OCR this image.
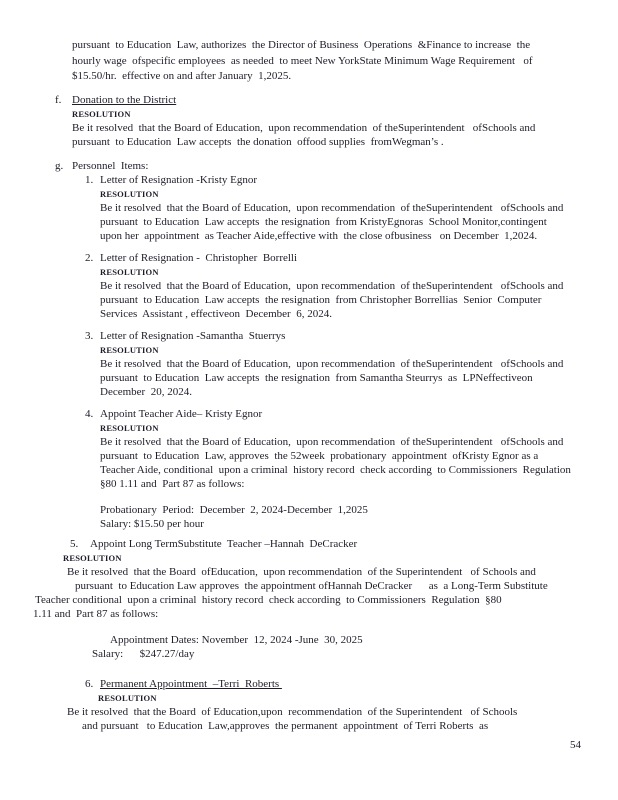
pursuant  to Education  Law, authorizes  the Director of Business  Operations  &Finance to increase  the
hourly wage  ofspecific employees  as needed  to meet New YorkState Minimum Wage Requirement   of
$15.50/hr.  effective on and after January  1,2025.
f. Donation to the District
RESOLUTION
Be it resolved  that the Board of Education,  upon recommendation  of theSuperintendent   ofSchools and
pursuant  to Education  Law accepts  the donation  offood supplies  fromWegman’s .
g. Personnel  Items:
1. Letter of Resignation -Kristy Egnor
RESOLUTION
Be it resolved  that the Board of Education,  upon recommendation  of theSuperintendent   ofSchools and
pursuant  to Education  Law accepts  the resignation  from KristyEgnoras  School Monitor,contingent
upon her  appointment  as Teacher Aide,effective with  the close ofbusiness   on December  1,2024.
2. Letter of Resignation -  Christopher  Borrelli
RESOLUTION
Be it resolved  that the Board of Education,  upon recommendation  of theSuperintendent   ofSchools and
pursuant  to Education  Law accepts  the resignation  from Christopher Borrellias  Senior  Computer
Services  Assistant , effectiveon  December  6, 2024.
3. Letter of Resignation -Samantha  Stuerrys
RESOLUTION
Be it resolved  that the Board of Education,  upon recommendation  of theSuperintendent   ofSchools and
pursuant  to Education  Law accepts  the resignation  from Samantha Steurrys  as  LPNeffectiveon
December  20, 2024.
4. Appoint Teacher Aide– Kristy Egnor
RESOLUTION
Be it resolved  that the Board of Education,  upon recommendation  of theSuperintendent   ofSchools and
pursuant  to Education  Law, approves  the 52week  probationary  appointment  ofKristy Egnor as a
Teacher Aide, conditional  upon a criminal  history record  check according  to Commissioners  Regulation
§80 1.11 and  Part 87 as follows:

Probationary  Period:  December  2, 2024-December  1,2025
Salary: $15.50 per hour
5. Appoint Long TermSubstitute  Teacher –Hannah  DeCracker
RESOLUTION
Be it resolved  that the Board  ofEducation,  upon recommendation  of the Superintendent   of Schools and
pursuant  to Education Law approves  the appointment ofHannah DeCracker      as  a Long-Term Substitute
Teacher conditional  upon a criminal  history record  check according  to Commissioners  Regulation  §80
1.11 and  Part 87 as follows:

Appointment Dates: November  12, 2024 -June  30, 2025
Salary:      $247.27/day
6. Permanent Appointment  –Terri  Roberts
RESOLUTION
Be it resolved  that the Board  of Education,upon  recommendation  of the Superintendent   of Schools
and pursuant   to Education  Law,approves  the permanent  appointment  of Terri Roberts  as
54
